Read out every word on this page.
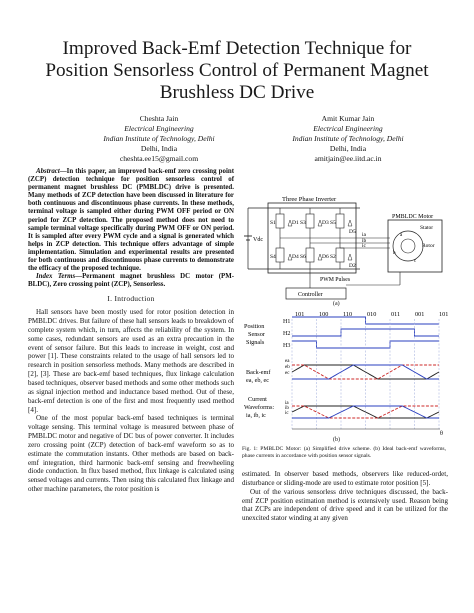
Improved Back-Emf Detection Technique for
Position Sensorless Control of Permanent Magnet
Brushless DC Drive
Cheshta Jain
Electrical Engineering
Indian Institute of Technology, Delhi
Delhi, India
cheshta.ee15@gmail.com
Amit Kumar Jain
Electrical Engineering
Indian Institute of Technology, Delhi
Delhi, India
amitjain@ee.iitd.ac.in

Abstract—In this paper, an improved back-emf zero crossing point (ZCP) detection technique for position sensorless control of permanent magnet brushless DC (PMBLDC) drive is presented. Many methods of ZCP detection have been discussed in literature for both continuous and discontinuous phase currents. In these methods, terminal voltage is sampled either during PWM OFF period or ON period for ZCP detection. The proposed method does not need to sample terminal voltage specifically during PWM OFF or ON period. It is sampled after every PWM cycle and a signal is generated which helps in ZCP detection. This technique offers advantage of simple implementation. Simulation and experimental results are presented for both continuous and discontinuous phase currents to demonstrate the efficacy of the proposed technique.

Index Terms—Permanent magnet brushless DC motor (PM-BLDC), Zero crossing point (ZCP), Sensorless.

I. Introduction

Hall sensors have been mostly used for rotor position detection in PMBLDC drives. But failure of these hall sensors leads to breakdown of complete system which, in turn, affects the reliability of the system. In some cases, redundant sensors are used as an extra precaution in the event of sensor failure. But this leads to increase in weight, cost and power [1]. These constraints related to the usage of hall sensors led to research in position sensorless methods. Many methods are described in [2], [3]. These are back-emf based techniques, flux linkage calculation based techniques, observer based methods and some other methods such as signal injection method and inductance based method. Out of these, back-emf detection is one of the first and most frequently used method [4].

One of the most popular back-emf based techniques is terminal voltage sensing. This terminal voltage is measured between phase of PMBLDC motor and negative of DC bus of power converter. It includes zero crossing point (ZCP) detection of back-emf waveform so as to estimate the commutation instants. Other methods are based on back-emf integration, third harmonic back-emf sensing and freewheeling diode conduction. In flux based method, flux linkage is calculated using sensed voltages and currents. Then using this calculated flux linkage and other machine parameters, the rotor position is

Three Phase Inverter
Vdc
S1	D1
S4	D4
S3	D3
S6	D6
S5
D5
S2
D2
ia
ib
ic
PMBLDC Motor
Stator
Rotor
a
b
c
PWM Pulses
Controller
(a)
101 100 110 010 011 001 101
Position
Sensor
Signals
Back-emf
ea, eb, ec
Current
Waveforms:
ia, ib, ic
H1
H2
H3
ea
eb
ec
ia
ib
ic
θ
(b)
Fig. 1: PMBLDC Motor: (a) Simplified drive scheme. (b) Ideal back-emf waveforms, phase currents in accordance with position sensor signals.

estimated. In observer based methods, observers like reduced-ordet, disturbance or sliding-mode are used to estimate rotor position [5].

Out of the various sensorless drive techniques discussed, the back-emf ZCP position estimation method is extensively used. Reason being that ZCPs are independent of drive speed and it can be utilized for the unexcited stator winding at any given
